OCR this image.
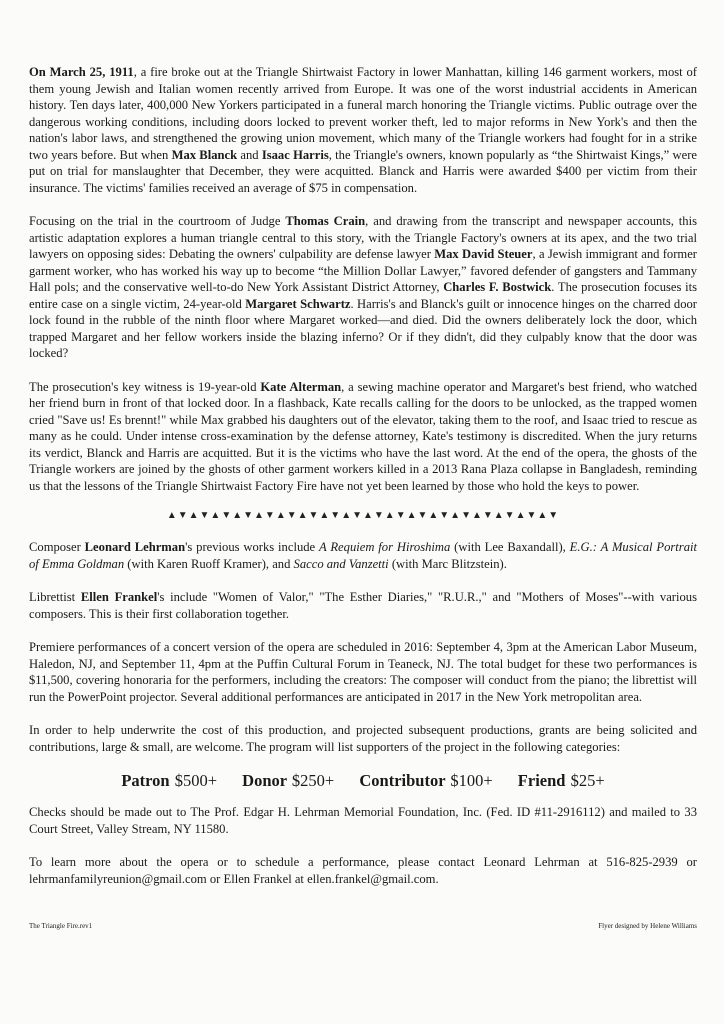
On March 25, 1911, a fire broke out at the Triangle Shirtwaist Factory in lower Manhattan, killing 146 garment workers, most of them young Jewish and Italian women recently arrived from Europe. It was one of the worst industrial accidents in American history. Ten days later, 400,000 New Yorkers participated in a funeral march honoring the Triangle victims. Public outrage over the dangerous working conditions, including doors locked to prevent worker theft, led to major reforms in New York's and then the nation's labor laws, and strengthened the growing union movement, which many of the Triangle workers had fought for in a strike two years before. But when Max Blanck and Isaac Harris, the Triangle's owners, known popularly as “the Shirtwaist Kings,” were put on trial for manslaughter that December, they were acquitted. Blanck and Harris were awarded $400 per victim from their insurance. The victims' families received an average of $75 in compensation.

Focusing on the trial in the courtroom of Judge Thomas Crain, and drawing from the transcript and newspaper accounts, this artistic adaptation explores a human triangle central to this story, with the Triangle Factory's owners at its apex, and the two trial lawyers on opposing sides: Debating the owners' culpability are defense lawyer Max David Steuer, a Jewish immigrant and former garment worker, who has worked his way up to become “the Million Dollar Lawyer,” favored defender of gangsters and Tammany Hall pols; and the conservative well-to-do New York Assistant District Attorney, Charles F. Bostwick. The prosecution focuses its entire case on a single victim, 24-year-old Margaret Schwartz. Harris's and Blanck's guilt or innocence hinges on the charred door lock found in the rubble of the ninth floor where Margaret worked—and died. Did the owners deliberately lock the door, which trapped Margaret and her fellow workers inside the blazing inferno? Or if they didn't, did they culpably know that the door was locked?

The prosecution's key witness is 19-year-old Kate Alterman, a sewing machine operator and Margaret's best friend, who watched her friend burn in front of that locked door. In a flashback, Kate recalls calling for the doors to be unlocked, as the trapped women cried "Save us! Es brennt!" while Max grabbed his daughters out of the elevator, taking them to the roof, and Isaac tried to rescue as many as he could. Under intense cross-examination by the defense attorney, Kate's testimony is discredited. When the jury returns its verdict, Blanck and Harris are acquitted. But it is the victims who have the last word. At the end of the opera, the ghosts of the Triangle workers are joined by the ghosts of other garment workers killed in a 2013 Rana Plaza collapse in Bangladesh, reminding us that the lessons of the Triangle Shirtwaist Factory Fire have not yet been learned by those who hold the keys to power.

▲▼▲▼▲▼▲▼▲▼▲▼▲▼▲▼▲▼▲▼▲▼▲▼▲▼▲▼▲▼▲▼▲▼▲▼

Composer Leonard Lehrman's previous works include A Requiem for Hiroshima (with Lee Baxandall), E.G.: A Musical Portrait of Emma Goldman (with Karen Ruoff Kramer), and Sacco and Vanzetti (with Marc Blitzstein).

Librettist Ellen Frankel's include "Women of Valor," "The Esther Diaries," "R.U.R.," and "Mothers of Moses"--with various composers. This is their first collaboration together.

Premiere performances of a concert version of the opera are scheduled in 2016: September 4, 3pm at the American Labor Museum, Haledon, NJ, and September 11, 4pm at the Puffin Cultural Forum in Teaneck, NJ. The total budget for these two performances is $11,500, covering honoraria for the performers, including the creators: The composer will conduct from the piano; the librettist will run the PowerPoint projector. Several additional performances are anticipated in 2017 in the New York metropolitan area.

In order to help underwrite the cost of this production, and projected subsequent productions, grants are being solicited and contributions, large & small, are welcome. The program will list supporters of the project in the following categories:

Patron $500+ Donor $250+ Contributor $100+ Friend $25+

Checks should be made out to The Prof. Edgar H. Lehrman Memorial Foundation, Inc. (Fed. ID #11-2916112) and mailed to 33 Court Street, Valley Stream, NY 11580.

To learn more about the opera or to schedule a performance, please contact Leonard Lehrman at 516-825-2939 or lehrmanfamilyreunion@gmail.com or Ellen Frankel at ellen.frankel@gmail.com.

The Triangle Fire.rev1	Flyer designed by Helene Williams
